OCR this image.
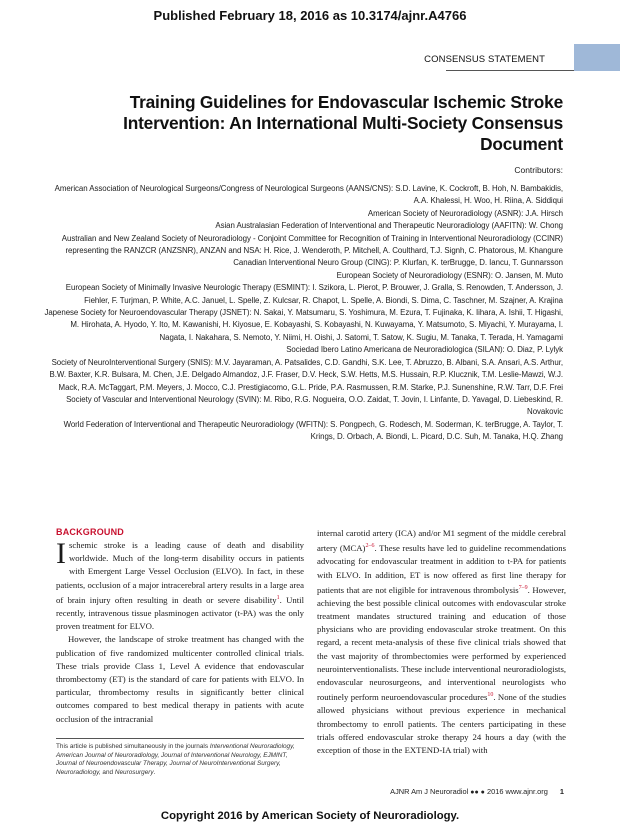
Published February 18, 2016 as 10.3174/ajnr.A4766
CONSENSUS STATEMENT
Training Guidelines for Endovascular Ischemic Stroke
Intervention: An International Multi-Society Consensus
Document
Contributors:

American Association of Neurological Surgeons/Congress of Neurological Surgeons (AANS/CNS): S.D. Lavine, K. Cockroft, B. Hoh, N. Bambakidis, A.A. Khalessi, H. Woo, H. Riina, A. Siddiqui

American Society of Neuroradiology (ASNR): J.A. Hirsch

Asian Australasian Federation of Interventional and Therapeutic Neuroradiology (AAFITN): W. Chong

Australian and New Zealand Society of Neuroradiology - Conjoint Committee for Recognition of Training in Interventional Neuroradiology (CCINR) representing the RANZCR (ANZSNR), ANZAN and NSA: H. Rice, J. Wenderoth, P. Mitchell, A. Coulthard, T.J. Signh, C. Phatorous, M. Khangure

Canadian Interventional Neuro Group (CING): P. Klurfan, K. terBrugge, D. Iancu, T. Gunnarsson

European Society of Neuroradiology (ESNR): O. Jansen, M. Muto

European Society of Minimally Invasive Neurologic Therapy (ESMINT): I. Szikora, L. Pierot, P. Brouwer, J. Gralla, S. Renowden, T. Andersson, J. Fiehler, F. Turjman, P. White, A.C. Januel, L. Spelle, Z. Kulcsar, R. Chapot, L. Spelle, A. Biondi, S. Dima, C. Taschner, M. Szajner, A. Krajina

Japenese Society for Neuroendovascular Therapy (JSNET): N. Sakai, Y. Matsumaru, S. Yoshimura, M. Ezura, T. Fujinaka, K. Iihara, A. Ishii, T. Higashi, M. Hirohata, A. Hyodo, Y. Ito, M. Kawanishi, H. Kiyosue, E. Kobayashi, S. Kobayashi, N. Kuwayama, Y. Matsumoto, S. Miyachi, Y. Murayama, I. Nagata, I. Nakahara, S. Nemoto, Y. Niimi, H. Oishi, J. Satomi, T. Satow, K. Sugiu, M. Tanaka, T. Terada, H. Yamagami

Sociedad Ibero Latino Americana de Neuroradiologica (SILAN): O. Diaz, P. Lylyk

Society of NeuroInterventional Surgery (SNIS): M.V. Jayaraman, A. Patsalides, C.D. Gandhi, S.K. Lee, T. Abruzzo, B. Albani, S.A. Ansari, A.S. Arthur, B.W. Baxter, K.R. Bulsara, M. Chen, J.E. Delgado Almandoz, J.F. Fraser, D.V. Heck, S.W. Hetts, M.S. Hussain, R.P. Klucznik, T.M. Leslie-Mawzi, W.J. Mack, R.A. McTaggart, P.M. Meyers, J. Mocco, C.J. Prestigiacomo, G.L. Pride, P.A. Rasmussen, R.M. Starke, P.J. Sunenshine, R.W. Tarr, D.F. Frei

Society of Vascular and Interventional Neurology (SVIN): M. Ribo, R.G. Nogueira, O.O. Zaidat, T. Jovin, I. Linfante, D. Yavagal, D. Liebeskind, R. Novakovic

World Federation of Interventional and Therapeutic Neuroradiology (WFITN): S. Pongpech, G. Rodesch, M. Soderman, K. terBrugge, A. Taylor, T. Krings, D. Orbach, A. Biondi, L. Picard, D.C. Suh, M. Tanaka, H.Q. Zhang

BACKGROUND

Ischemic stroke is a leading cause of death and disability worldwide. Much of the long-term disability occurs in patients with Emergent Large Vessel Occlusion (ELVO). In fact, in these patients, occlusion of a major intracerebral artery results in a large area of brain injury often resulting in death or severe disability$^1$. Until recently, intravenous tissue plasminogen activator (t-PA) was the only proven treatment for ELVO.

However, the landscape of stroke treatment has changed with the publication of five randomized multicenter controlled clinical trials. These trials provide Class 1, Level A evidence that endovascular thrombectomy (ET) is the standard of care for patients with ELVO. In particular, thrombectomy results in significantly better clinical outcomes compared to best medical therapy in patients with acute occlusion of the intracranial

internal carotid artery (ICA) and/or M1 segment of the middle cerebral artery (MCA)$^{2-6}$. These results have led to guideline recommendations advocating for endovascular treatment in addition to t-PA for patients with ELVO. In addition, ET is now offered as first line therapy for patients that are not eligible for intravenous thrombolysis$^{7-9}$. However, achieving the best possible clinical outcomes with endovascular stroke treatment mandates structured training and education of those physicians who are providing endovascular stroke treatment. On this regard, a recent meta-analysis of these five clinical trials showed that the vast majority of thrombectomies were performed by experienced neurointerventionalists. These include interventional neuroradiologists, endovascular neurosurgeons, and interventional neurologists who routinely perform neuroendovascular procedures$^{10}$. None of the studies allowed physicians without previous experience in mechanical thrombectomy to enroll patients. The centers participating in these trials offered endovascular stroke therapy 24 hours a day (with the exception of those in the EXTEND-IA trial) with

This article is published simultaneously in the journals Interventional Neuroradiology, American Journal of Neuroradiology, Journal of Interventional Neurology, EJMINT, Journal of Neuroendovascular Therapy, Journal of NeuroInterventional Surgery, Neuroradiology, and Neurosurgery.
AJNR Am J Neuroradiol ●● ● 2016 www.ajnr.org 1
Copyright 2016 by American Society of Neuroradiology.
